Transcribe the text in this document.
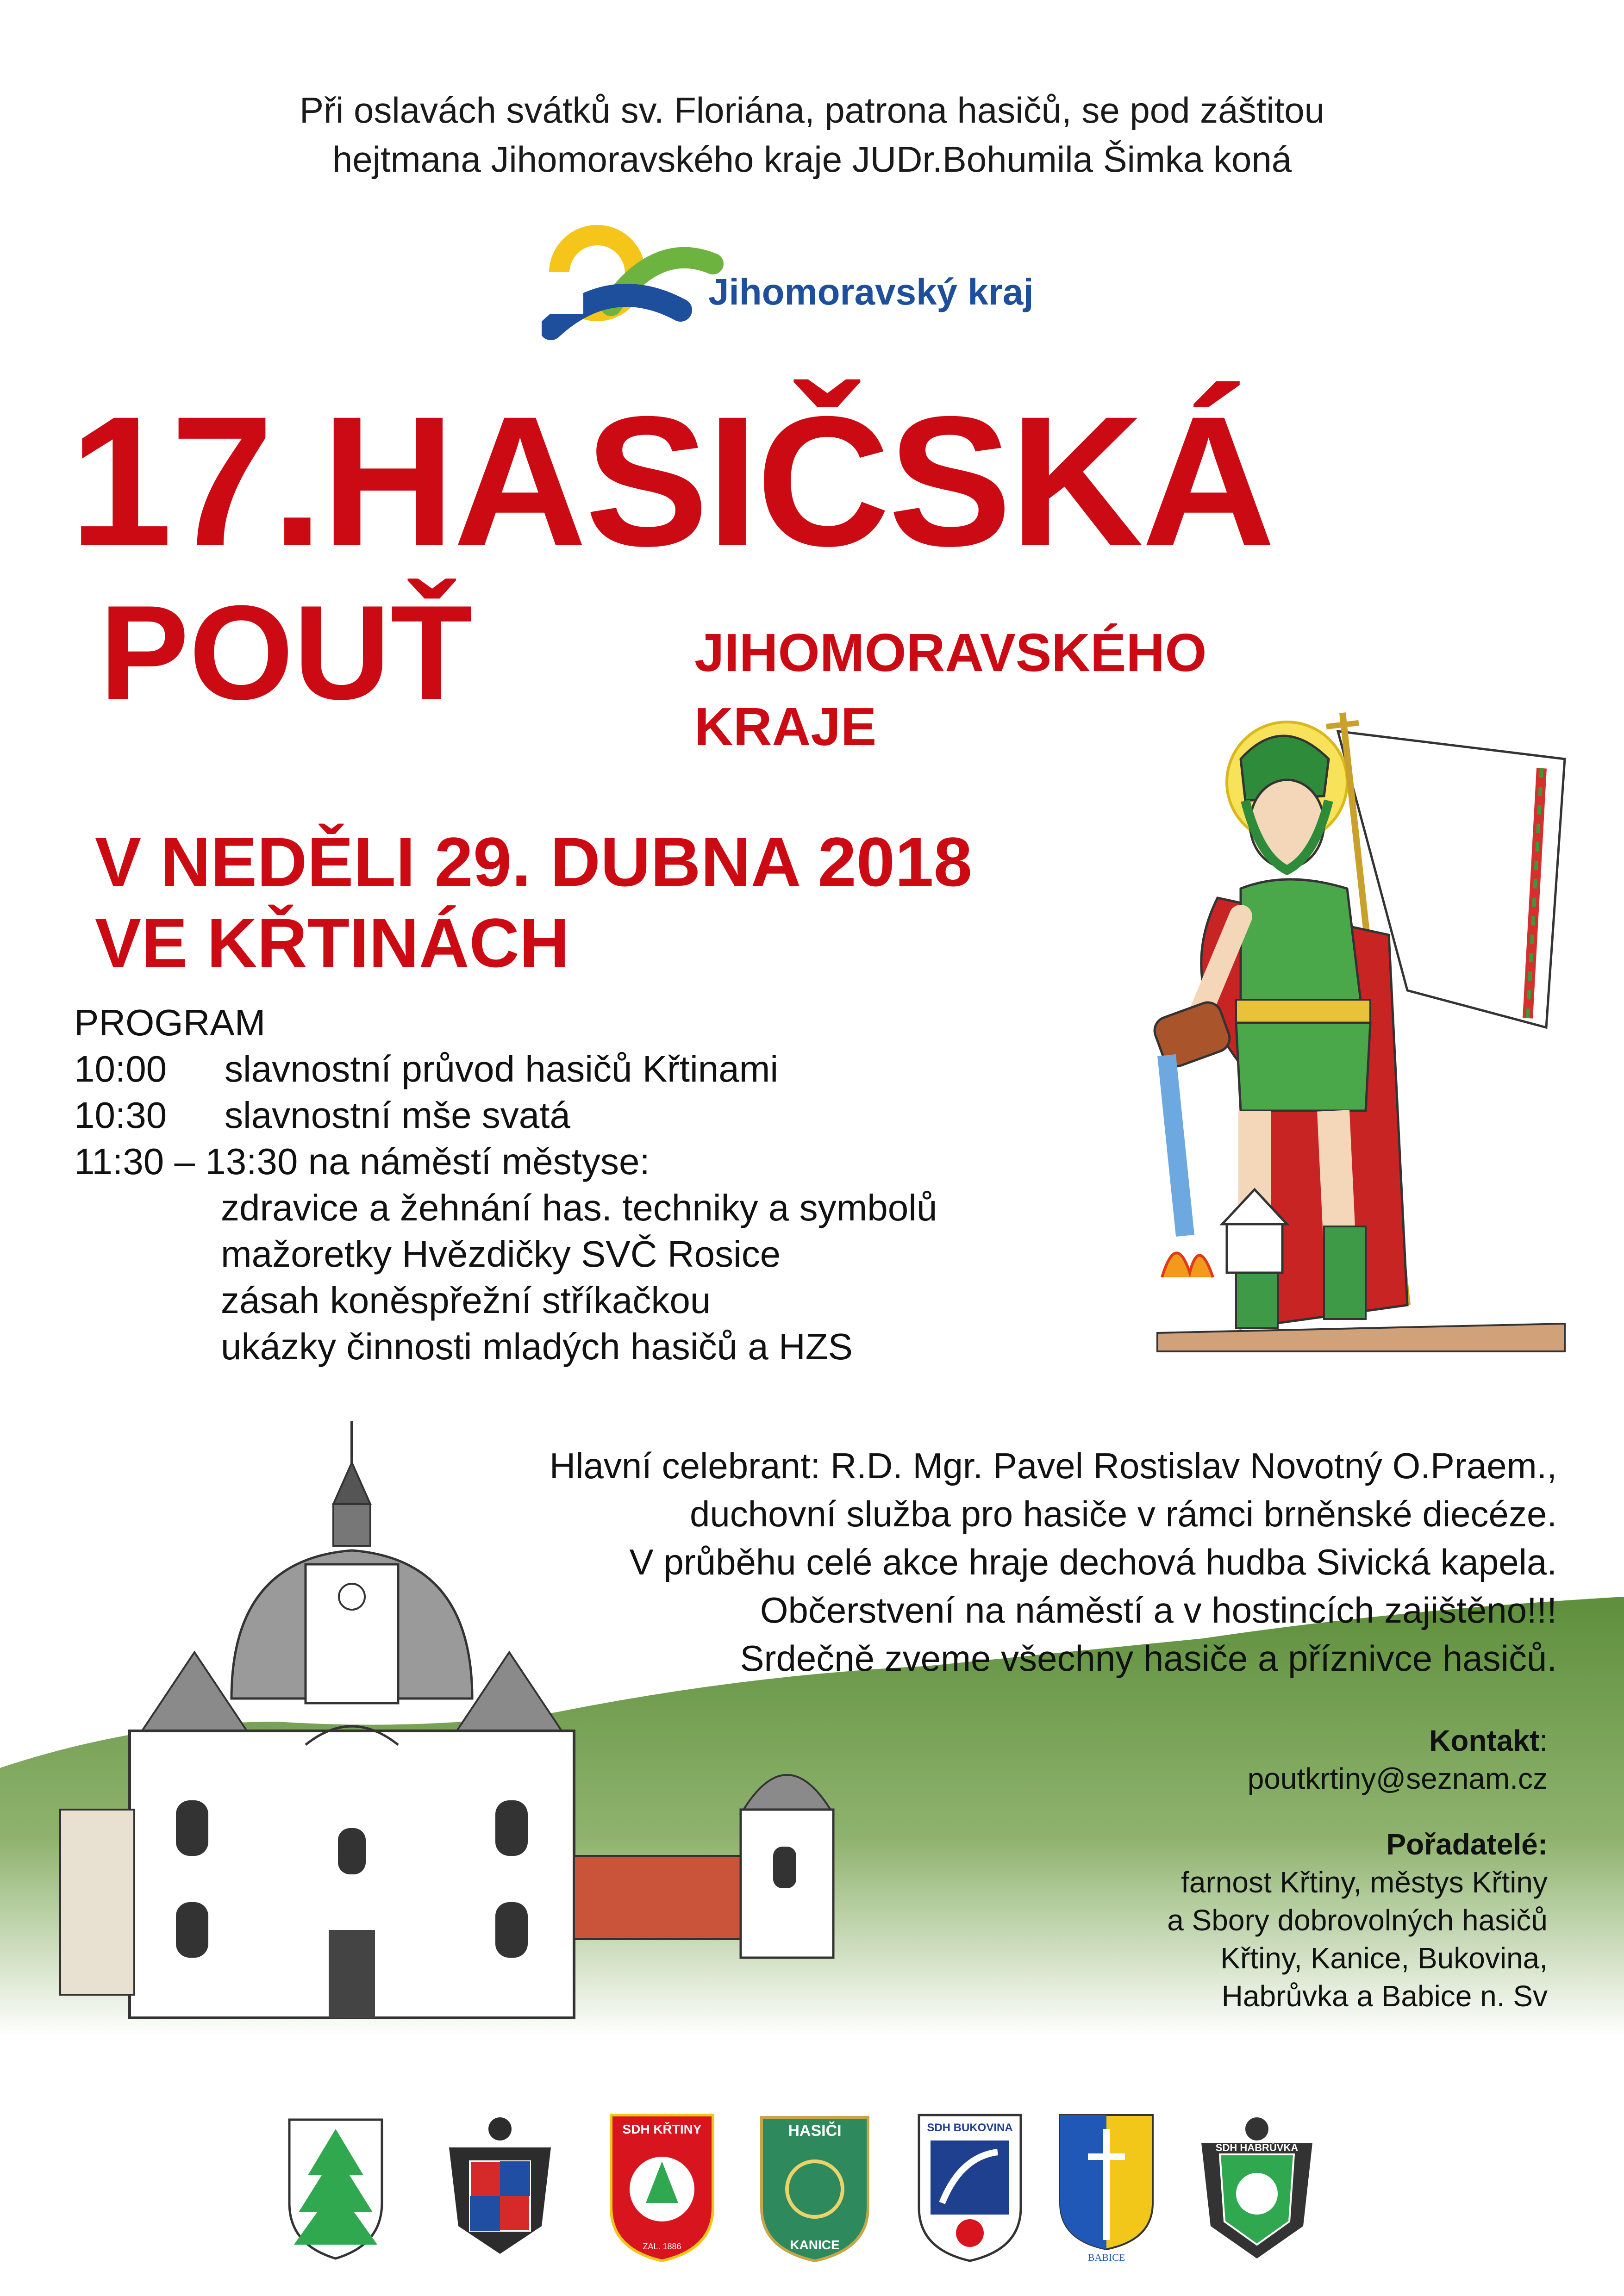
Při oslavách svátků sv. Floriána, patrona hasičů, se pod záštitou
hejtmana Jihomoravského kraje JUDr.Bohumila Šimka koná
Jihomoravský kraj
17.HASIČSKÁ
POUŤ	JIHOMORAVSKÉHO
KRAJE
V NEDĚLI 29. DUBNA 2018
VE KŘTINÁCH
PROGRAM
10:00 slavnostní průvod hasičů Křtinami
10:30 slavnostní mše svatá
11:30 – 13:30 na náměstí městyse:
zdravice a žehnání has. techniky a symbolů
mažoretky Hvězdičky SVČ Rosice
zásah koněspřežní stříkačkou
ukázky činnosti mladých hasičů a HZS
Hlavní celebrant: R.D. Mgr. Pavel Rostislav Novotný O.Praem.,
duchovní služba pro hasiče v rámci brněnské diecéze.
V průběhu celé akce hraje dechová hudba Sivická kapela.
Občerstvení na náměstí a v hostincích zajištěno!!!
Srdečně zveme všechny hasiče a příznivce hasičů.
Kontakt:
poutkrtiny@seznam.cz
Pořadatelé:
farnost Křtiny, městys Křtiny
a Sbory dobrovolných hasičů
Křtiny, Kanice, Bukovina,
Habrůvka a Babice n. Sv
SDH KŘTINY
ZAL. 1886
HASIČI
KANICE
SDH BUKOVINA
BABICE
SDH HABRŮVKA
